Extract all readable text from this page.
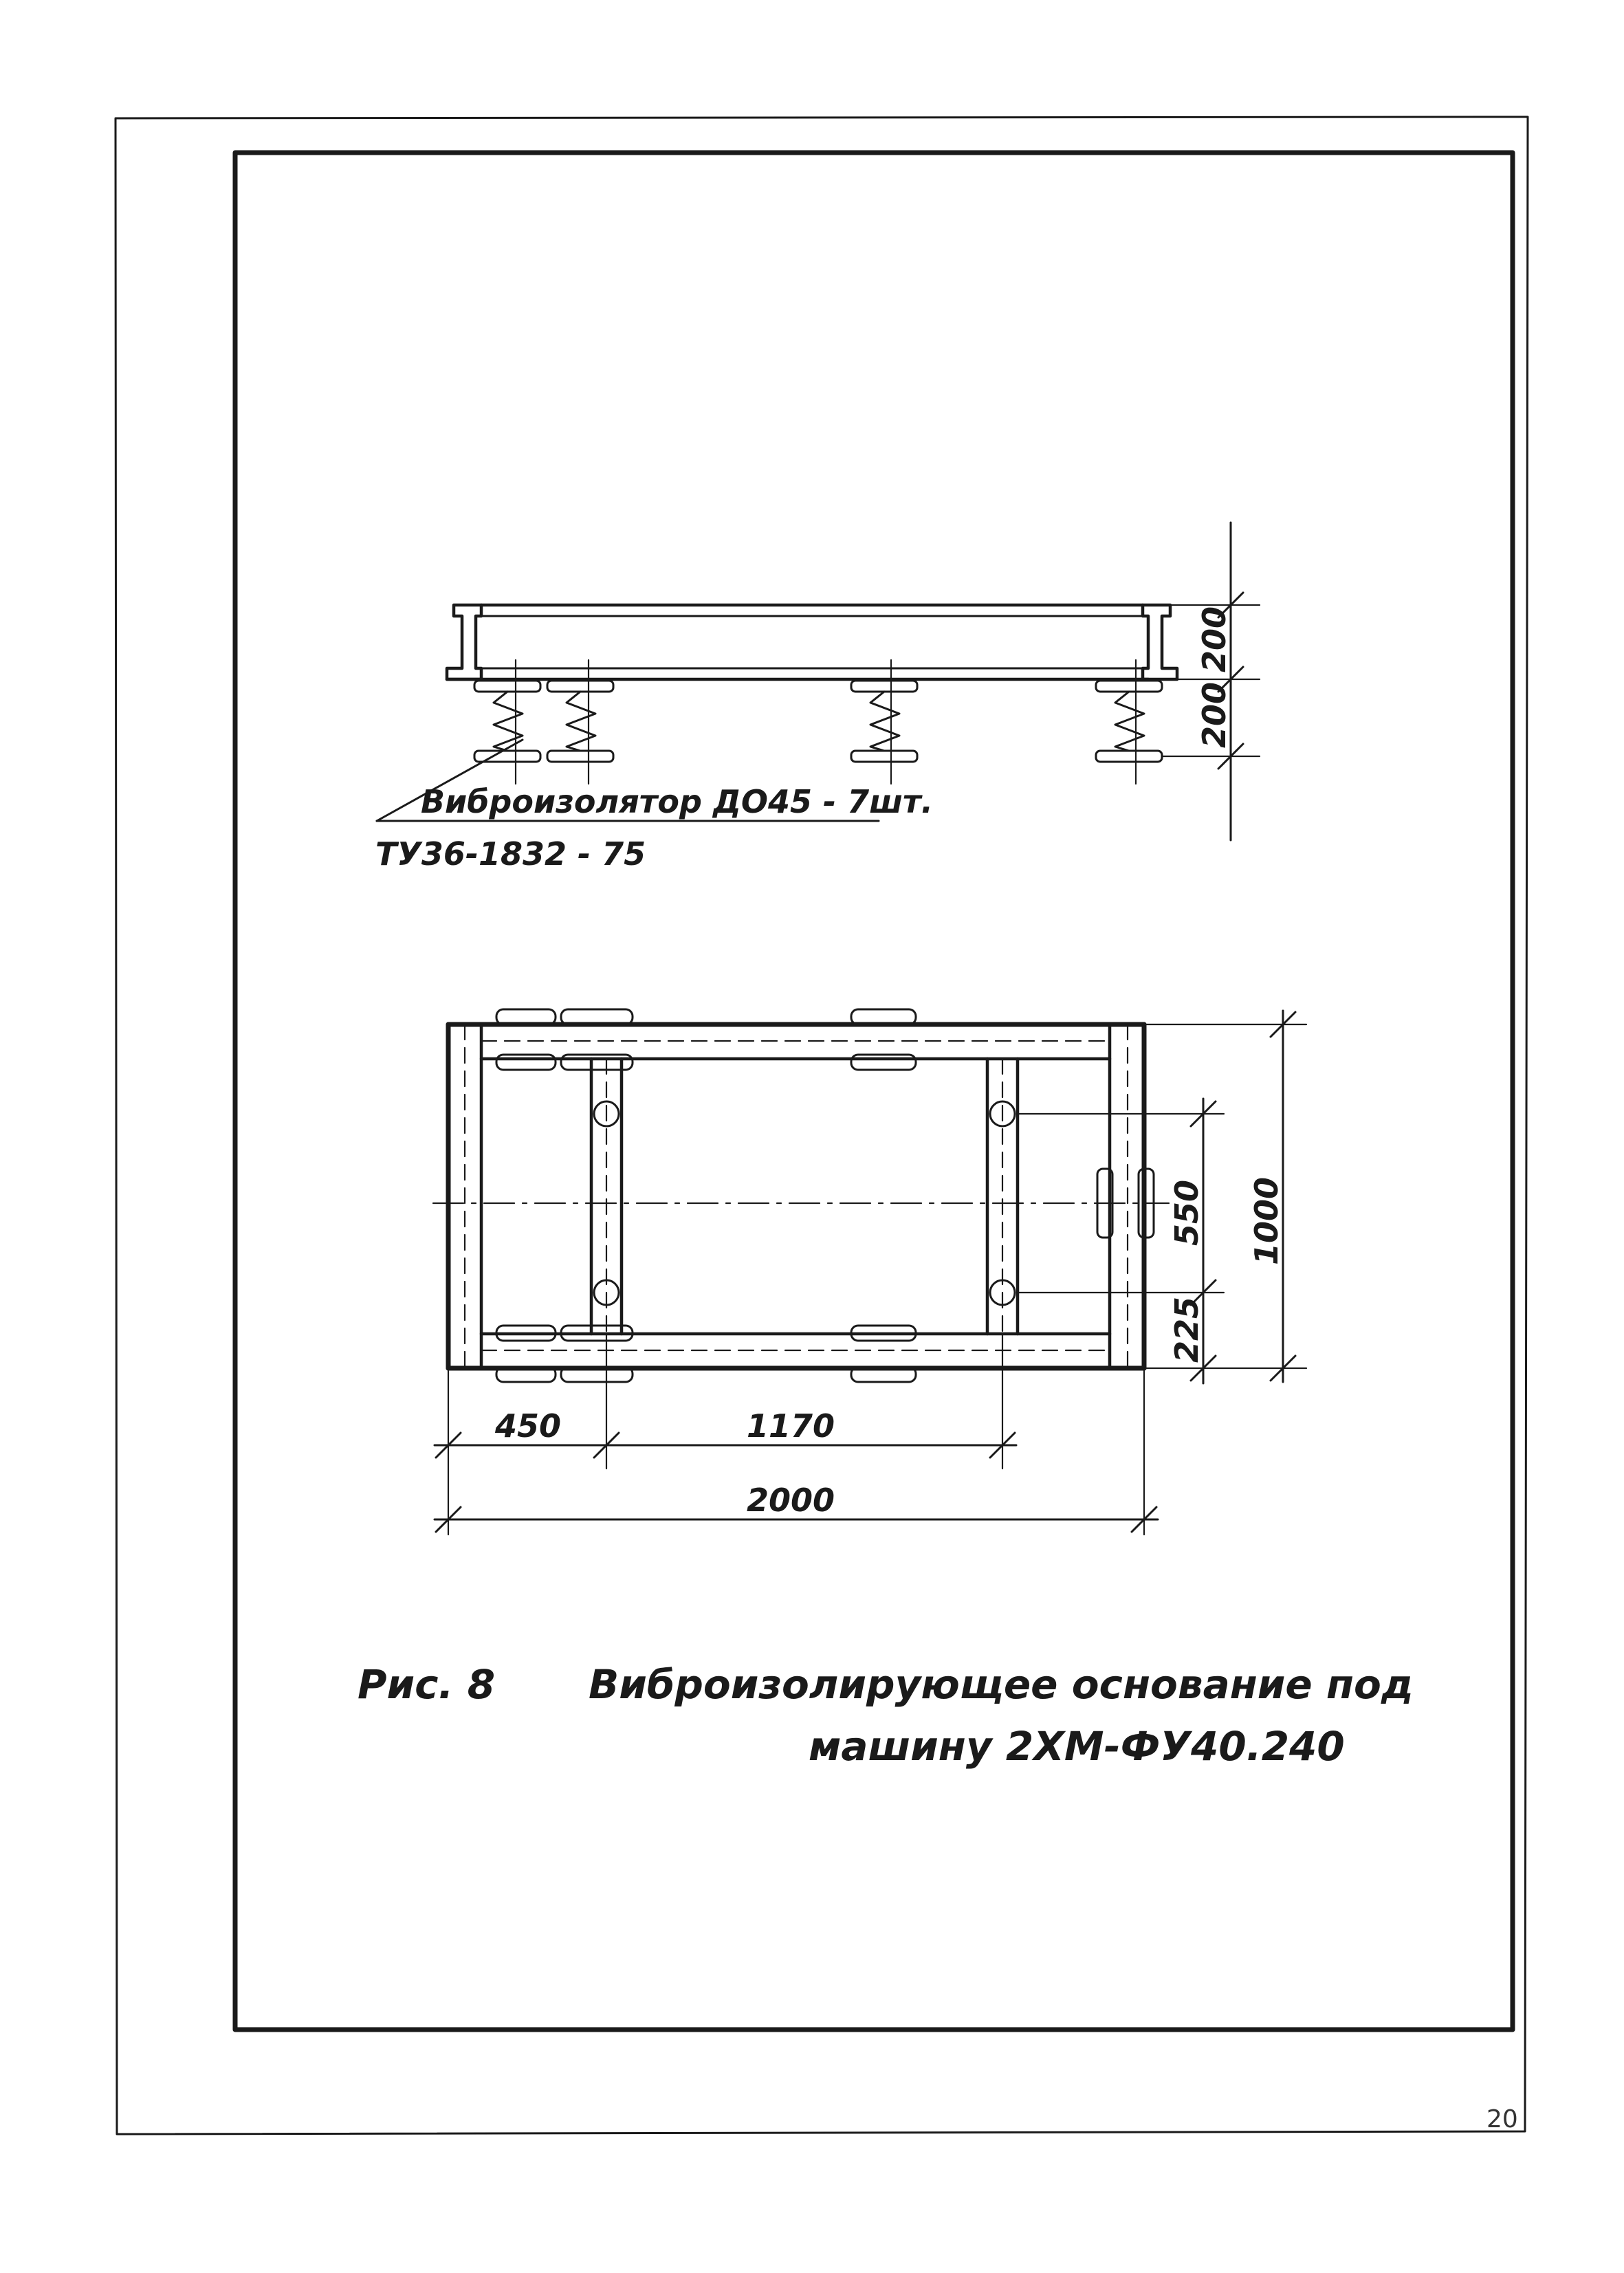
200
200
Виброизолятор ДО45 - 7шт.
ТУ36-1832 - 75
1000
550
225
450	1170
2000
Рис. 8 Виброизолирующее основание под
машину 2ХМ-ФУ40.240
20
